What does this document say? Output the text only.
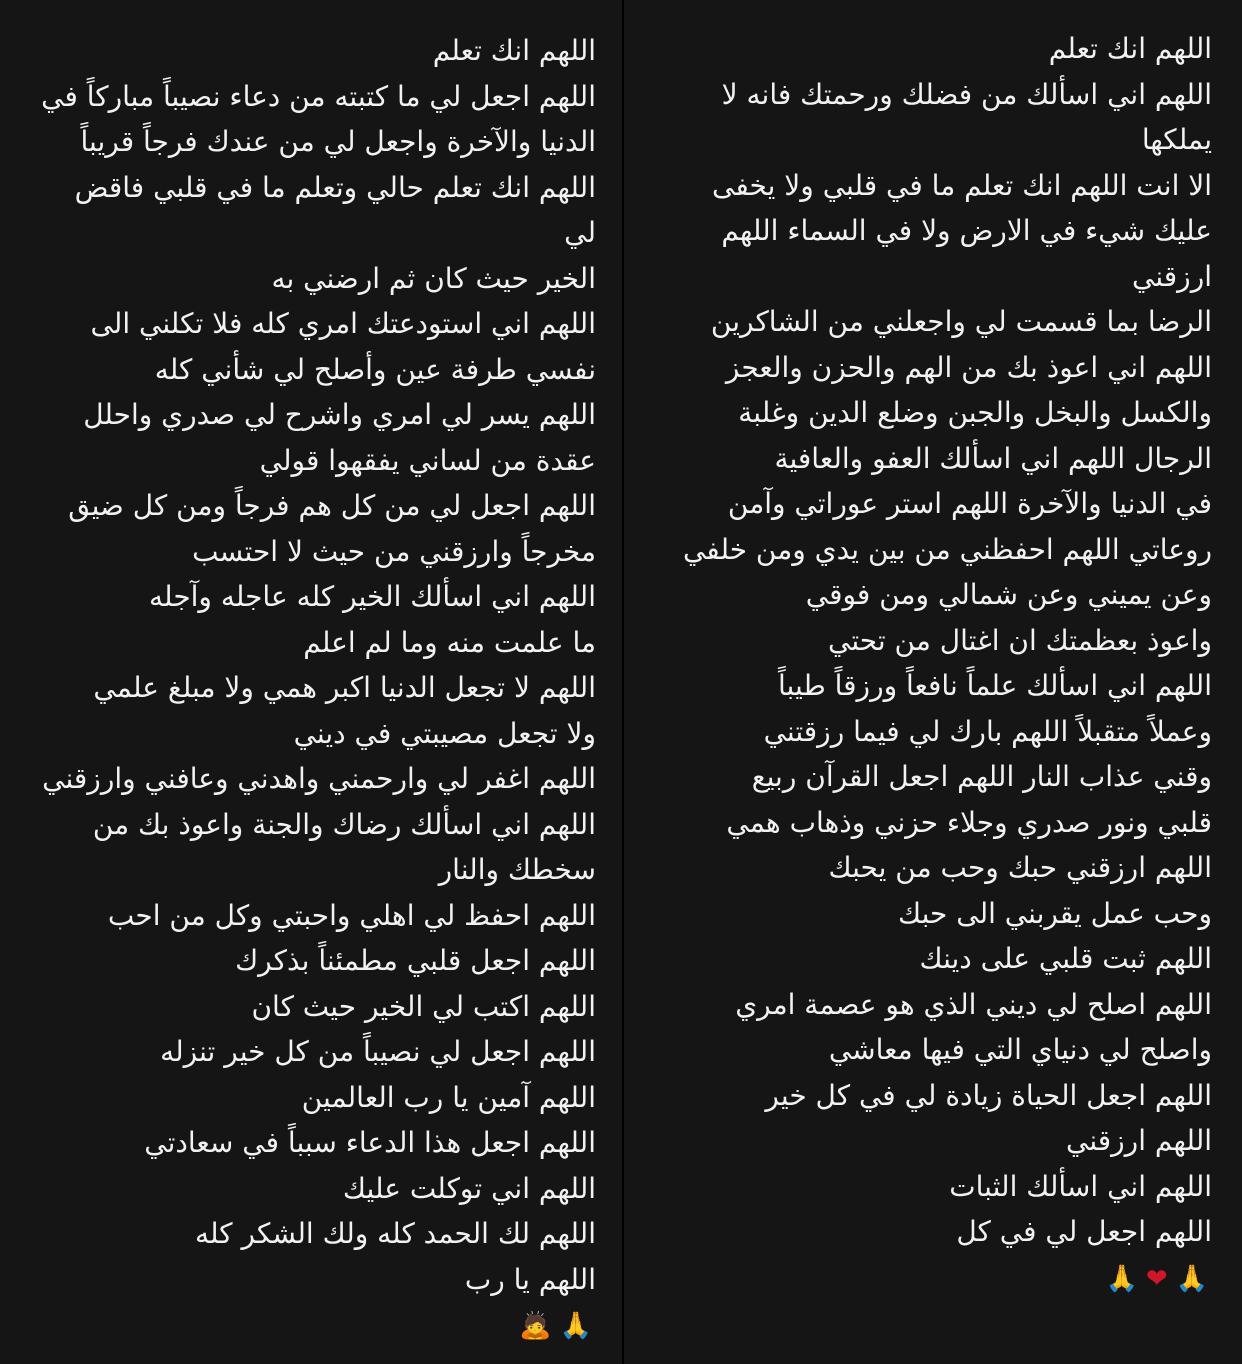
اللهم انك تعلم
اللهم اجعل لي ما كتبته من دعاء نصيباً مباركاً في
الدنيا والآخرة واجعل لي من عندك فرجاً قريباً
اللهم انك تعلم حالي وتعلم ما في قلبي فاقض لي
الخير حيث كان ثم ارضني به
اللهم اني استودعتك امري كله فلا تكلني الى
نفسي طرفة عين وأصلح لي شأني كله
اللهم يسر لي امري واشرح لي صدري واحلل
عقدة من لساني يفقهوا قولي
اللهم اجعل لي من كل هم فرجاً ومن كل ضيق
مخرجاً وارزقني من حيث لا احتسب
اللهم اني اسألك الخير كله عاجله وآجله
ما علمت منه وما لم اعلم
اللهم لا تجعل الدنيا اكبر همي ولا مبلغ علمي
ولا تجعل مصيبتي في ديني
اللهم اغفر لي وارحمني واهدني وعافني وارزقني
اللهم اني اسألك رضاك والجنة واعوذ بك من
سخطك والنار
اللهم احفظ لي اهلي واحبتي وكل من احب
اللهم اجعل قلبي مطمئناً بذكرك
اللهم اكتب لي الخير حيث كان
اللهم اجعل لي نصيباً من كل خير تنزله
اللهم آمين يا رب العالمين
اللهم اجعل هذا الدعاء سبباً في سعادتي
اللهم اني توكلت عليك
اللهم لك الحمد كله ولك الشكر كله
اللهم يا رب
🙏🙇
اللهم انك تعلم
اللهم اني اسألك من فضلك ورحمتك فانه لا يملكها
الا انت اللهم انك تعلم ما في قلبي ولا يخفى
عليك شيء في الارض ولا في السماء اللهم ارزقني
الرضا بما قسمت لي واجعلني من الشاكرين
اللهم اني اعوذ بك من الهم والحزن والعجز
والكسل والبخل والجبن وضلع الدين وغلبة
الرجال اللهم اني اسألك العفو والعافية
في الدنيا والآخرة اللهم استر عوراتي وآمن
روعاتي اللهم احفظني من بين يدي ومن خلفي
وعن يميني وعن شمالي ومن فوقي
واعوذ بعظمتك ان اغتال من تحتي
اللهم اني اسألك علماً نافعاً ورزقاً طيباً
وعملاً متقبلاً اللهم بارك لي فيما رزقتني
وقني عذاب النار اللهم اجعل القرآن ربيع
قلبي ونور صدري وجلاء حزني وذهاب همي
اللهم ارزقني حبك وحب من يحبك
وحب عمل يقربني الى حبك
اللهم ثبت قلبي على دينك
اللهم اصلح لي ديني الذي هو عصمة امري
واصلح لي دنياي التي فيها معاشي
اللهم اجعل الحياة زيادة لي في كل خير
اللهم ارزقني
اللهم اني اسألك الثبات
اللهم اجعل لي في كل
🙏❤🙏
